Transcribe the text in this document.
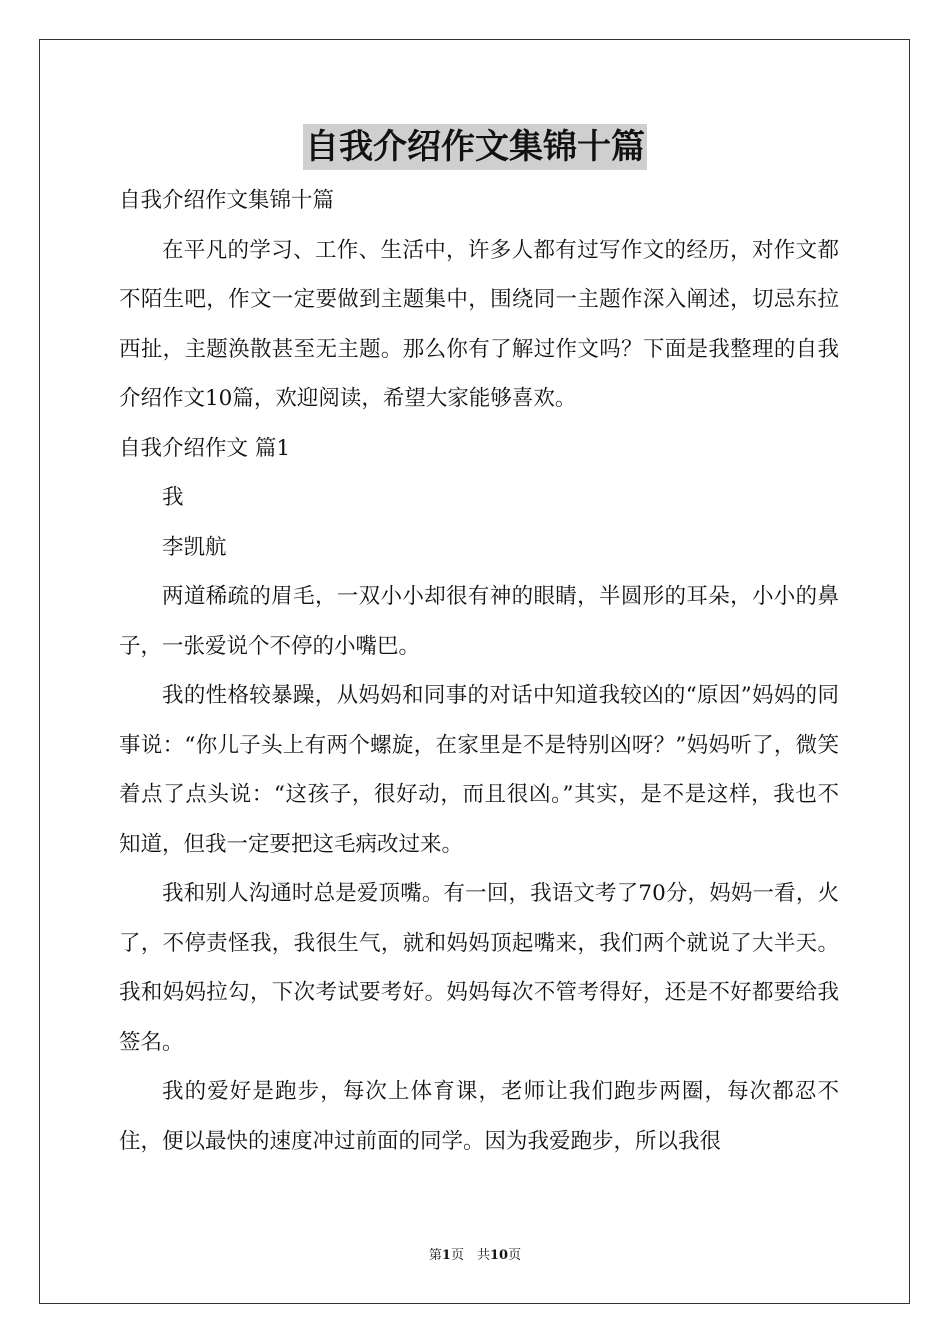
自我介绍作文集锦十篇

自我介绍作文集锦十篇

在平凡的学习、工作、生活中，许多人都有过写作文的经历，对作文都不陌生吧，作文一定要做到主题集中，围绕同一主题作深入阐述，切忌东拉西扯，主题涣散甚至无主题。那么你有了解过作文吗？下面是我整理的自我介绍作文10篇，欢迎阅读，希望大家能够喜欢。

自我介绍作文 篇1

我

李凯航

两道稀疏的眉毛，一双小小却很有神的眼睛，半圆形的耳朵，小小的鼻子，一张爱说个不停的小嘴巴。

我的性格较暴躁，从妈妈和同事的对话中知道我较凶的“原因”妈妈的同事说：“你儿子头上有两个螺旋，在家里是不是特别凶呀？”妈妈听了，微笑着点了点头说：“这孩子，很好动，而且很凶。”其实，是不是这样，我也不知道，但我一定要把这毛病改过来。

我和别人沟通时总是爱顶嘴。有一回，我语文考了70分，妈妈一看，火了，不停责怪我，我很生气，就和妈妈顶起嘴来，我们两个就说了大半天。我和妈妈拉勾，下次考试要考好。妈妈每次不管考得好，还是不好都要给我签名。

我的爱好是跑步，每次上体育课，老师让我们跑步两圈，每次都忍不住，便以最快的速度冲过前面的同学。因为我爱跑步，所以我很

第1页　共10页
